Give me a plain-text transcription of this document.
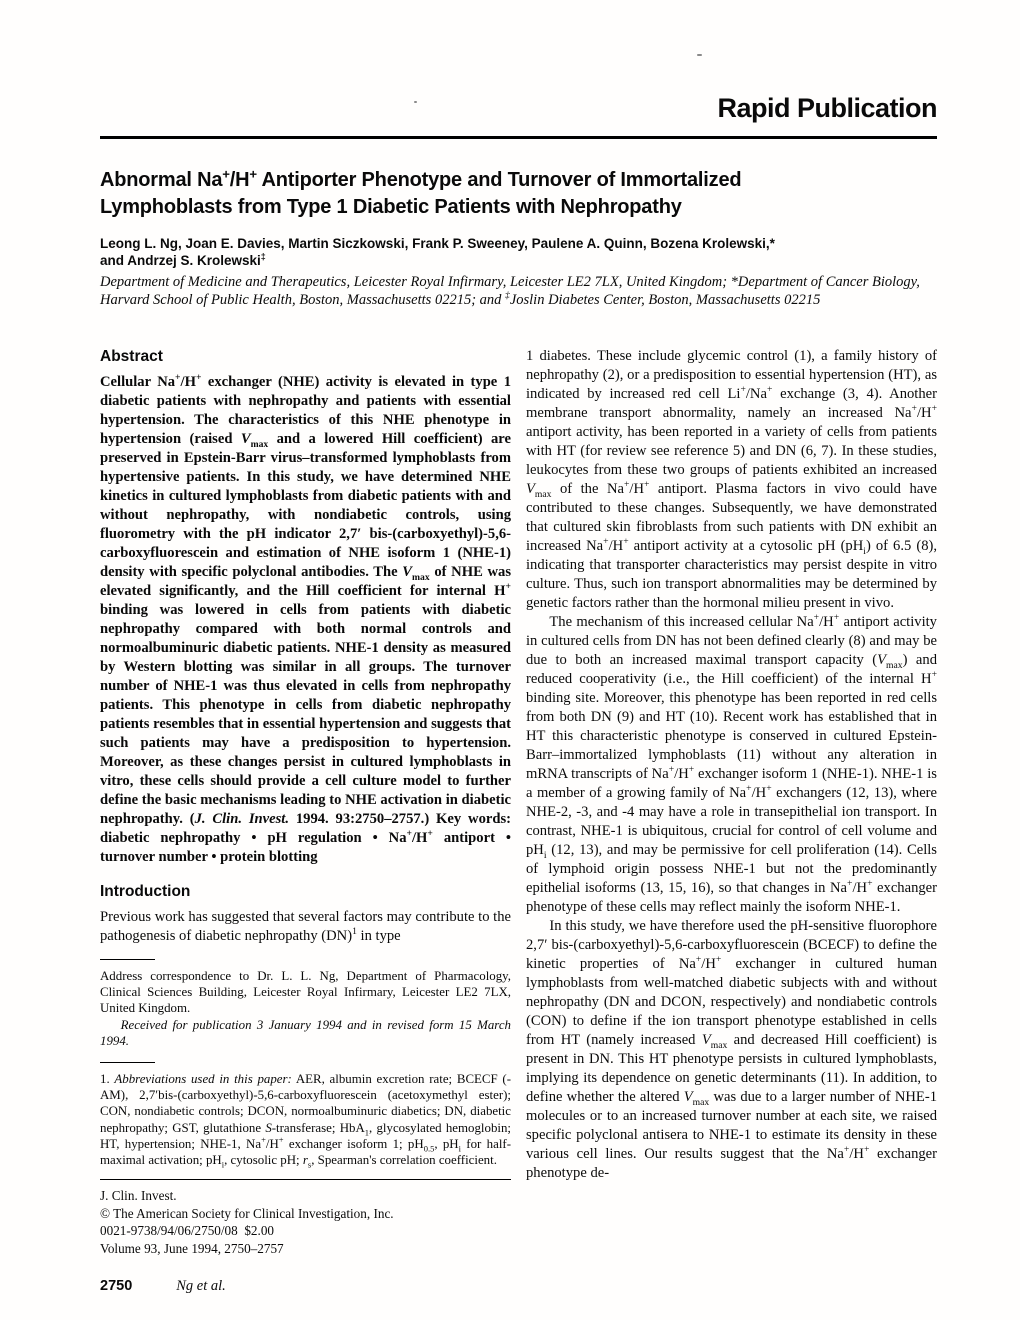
Rapid Publication
Abnormal Na+/H+ Antiporter Phenotype and Turnover of Immortalized
Lymphoblasts from Type 1 Diabetic Patients with Nephropathy
Leong L. Ng, Joan E. Davies, Martin Siczkowski, Frank P. Sweeney, Paulene A. Quinn, Bozena Krolewski,*
and Andrzej S. Krolewski‡
Department of Medicine and Therapeutics, Leicester Royal Infirmary, Leicester LE2 7LX, United Kingdom; *Department of Cancer Biology, Harvard School of Public Health, Boston, Massachusetts 02215; and ‡Joslin Diabetes Center, Boston, Massachusetts 02215
Abstract

Cellular Na+/H+ exchanger (NHE) activity is elevated in type 1 diabetic patients with nephropathy and patients with essential hypertension. The characteristics of this NHE phenotype in hypertension (raised $V_{max}$ and a lowered Hill coefficient) are preserved in Epstein-Barr virus–transformed lymphoblasts from hypertensive patients. In this study, we have determined NHE kinetics in cultured lymphoblasts from diabetic patients with and without nephropathy, with nondiabetic controls, using fluorometry with the pH indicator 2,7′ bis-(carboxyethyl)-5,6-carboxyfluorescein and estimation of NHE isoform 1 (NHE-1) density with specific polyclonal antibodies. The $V_{max}$ of NHE was elevated significantly, and the Hill coefficient for internal H+ binding was lowered in cells from patients with diabetic nephropathy compared with both normal controls and normoalbuminuric diabetic patients. NHE-1 density as measured by Western blotting was similar in all groups. The turnover number of NHE-1 was thus elevated in cells from nephropathy patients. This phenotype in cells from diabetic nephropathy patients resembles that in essential hypertension and suggests that such patients may have a predisposition to hypertension. Moreover, as these changes persist in cultured lymphoblasts in vitro, these cells should provide a cell culture model to further define the basic mechanisms leading to NHE activation in diabetic nephropathy. (J. Clin. Invest. 1994. 93:2750–2757.) Key words: diabetic nephropathy • pH regulation • Na+/H+ antiport • turnover number • protein blotting

Introduction

Previous work has suggested that several factors may contribute to the pathogenesis of diabetic nephropathy (DN)$^1$ in type

Address correspondence to Dr. L. L. Ng, Department of Pharmacology, Clinical Sciences Building, Leicester Royal Infirmary, Leicester LE2 7LX, United Kingdom.

Received for publication 3 January 1994 and in revised form 15 March 1994.

1. Abbreviations used in this paper: AER, albumin excretion rate; BCECF (-AM), 2,7′bis-(carboxyethyl)-5,6-carboxyfluorescein (acetoxymethyl ester); CON, nondiabetic controls; DCON, normoalbuminuric diabetics; DN, diabetic nephropathy; GST, glutathione S-transferase; HbA$_1$, glycosylated hemoglobin; HT, hypertension; NHE-1, Na+/H+ exchanger isoform 1; $pH_{0.5}$, $pH_i$ for half-maximal activation; $pH_i$, cytosolic pH; $r_s$, Spearman's correlation coefficient.

J. Clin. Invest.
© The American Society for Clinical Investigation, Inc.
0021-9738/94/06/2750/08  $2.00
Volume 93, June 1994, 2750–2757

1 diabetes. These include glycemic control (1), a family history of nephropathy (2), or a predisposition to essential hypertension (HT), as indicated by increased red cell Li+/Na+ exchange (3, 4). Another membrane transport abnormality, namely an increased Na+/H+ antiport activity, has been reported in a variety of cells from patients with HT (for review see reference 5) and DN (6, 7). In these studies, leukocytes from these two groups of patients exhibited an increased $V_{max}$ of the Na+/H+ antiport. Plasma factors in vivo could have contributed to these changes. Subsequently, we have demonstrated that cultured skin fibroblasts from such patients with DN exhibit an increased Na+/H+ antiport activity at a cytosolic pH $(pH_i)$ of 6.5 (8), indicating that transporter characteristics may persist despite in vitro culture. Thus, such ion transport abnormalities may be determined by genetic factors rather than the hormonal milieu present in vivo.

The mechanism of this increased cellular Na+/H+ antiport activity in cultured cells from DN has not been defined clearly (8) and may be due to both an increased maximal transport capacity $(V_{max})$ and reduced cooperativity (i.e., the Hill coefficient) of the internal H+ binding site. Moreover, this phenotype has been reported in red cells from both DN (9) and HT (10). Recent work has established that in HT this characteristic phenotype is conserved in cultured Epstein-Barr–immortalized lymphoblasts (11) without any alteration in mRNA transcripts of Na+/H+ exchanger isoform 1 (NHE-1). NHE-1 is a member of a growing family of Na+/H+ exchangers (12, 13), where NHE-2, -3, and -4 may have a role in transepithelial ion transport. In contrast, NHE-1 is ubiquitous, crucial for control of cell volume and $pH_i$ (12, 13), and may be permissive for cell proliferation (14). Cells of lymphoid origin possess NHE-1 but not the predominantly epithelial isoforms (13, 15, 16), so that changes in Na+/H+ exchanger phenotype of these cells may reflect mainly the isoform NHE-1.

In this study, we have therefore used the pH-sensitive fluorophore 2,7′ bis-(carboxyethyl)-5,6-carboxyfluorescein (BCECF) to define the kinetic properties of Na+/H+ exchanger in cultured human lymphoblasts from well-matched diabetic subjects with and without nephropathy (DN and DCON, respectively) and nondiabetic controls (CON) to define if the ion transport phenotype established in cells from HT (namely increased $V_{max}$ and decreased Hill coefficient) is present in DN. This HT phenotype persists in cultured lymphoblasts, implying its dependence on genetic determinants (11). In addition, to define whether the altered $V_{max}$ was due to a larger number of NHE-1 molecules or to an increased turnover number at each site, we raised specific polyclonal antisera to NHE-1 to estimate its density in these various cell lines. Our results suggest that the Na+/H+ exchanger phenotype de-

2750	Ng et al.
